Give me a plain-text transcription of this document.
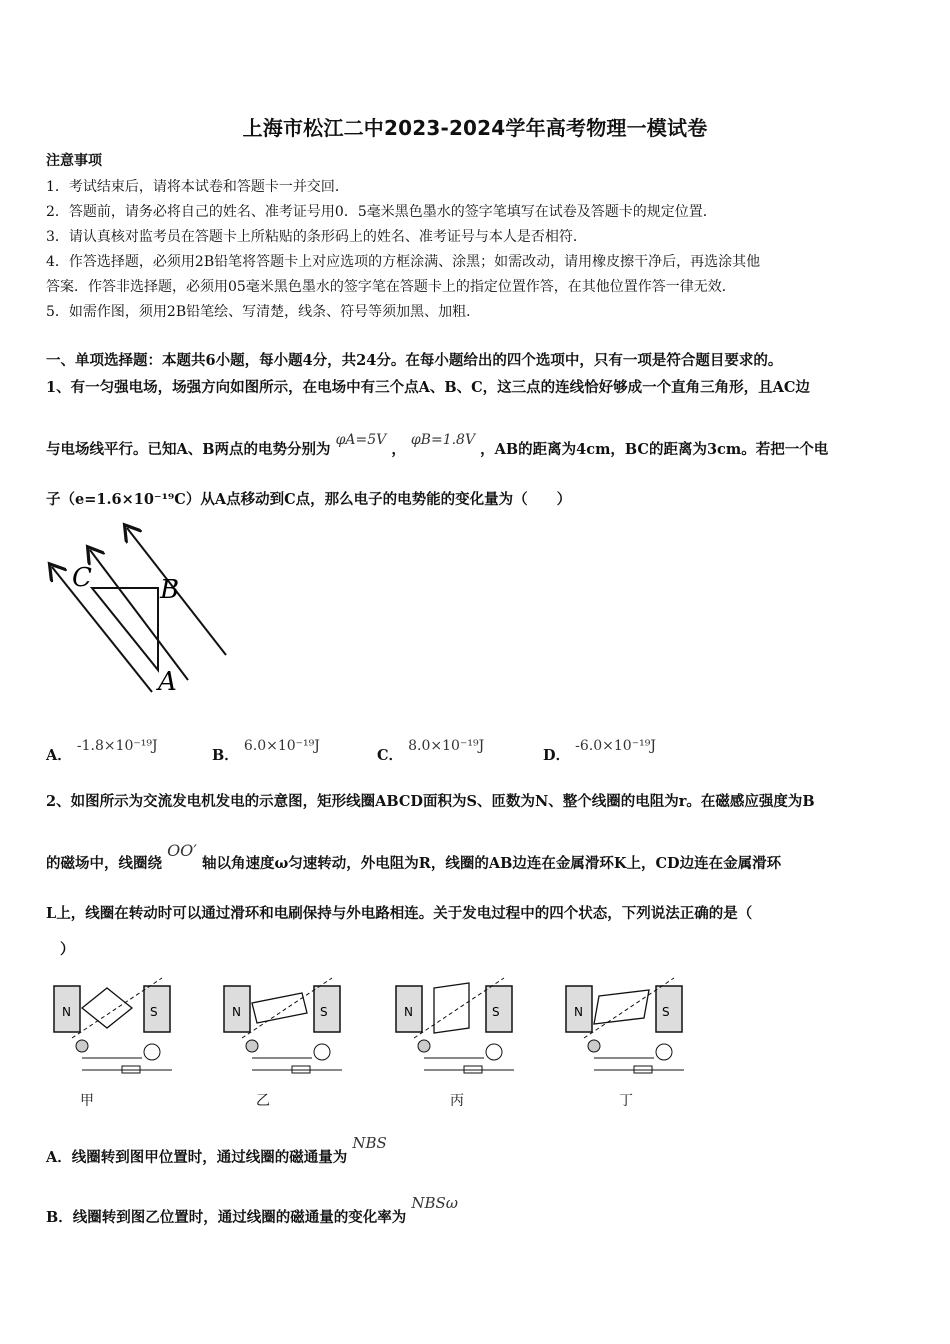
上海市松江二中2023-2024学年高考物理一模试卷
注意事项
1．考试结束后，请将本试卷和答题卡一并交回．
2．答题前，请务必将自己的姓名、准考证号用0．5毫米黑色墨水的签字笔填写在试卷及答题卡的规定位置．
3．请认真核对监考员在答题卡上所粘贴的条形码上的姓名、准考证号与本人是否相符．
4．作答选择题，必须用2B铅笔将答题卡上对应选项的方框涂满、涂黑；如需改动，请用橡皮擦干净后，再选涂其他
答案．作答非选择题，必须用05毫米黑色墨水的签字笔在答题卡上的指定位置作答，在其他位置作答一律无效．
5．如需作图，须用2B铅笔绘、写清楚，线条、符号等须加黑、加粗．
一、单项选择题：本题共6小题，每小题4分，共24分。在每小题给出的四个选项中，只有一项是符合题目要求的。
1、有一匀强电场，场强方向如图所示，在电场中有三个点A、B、C，这三点的连线恰好够成一个直角三角形，且AC边
与电场线平行。已知A、B两点的电势分别为 φA=5V ， φB=1.8V ，AB的距离为4cm，BC的距离为3cm。若把一个电
子（e=1.6×10⁻¹⁹C）从A点移动到C点，那么电子的电势能的变化量为（　　）
C	B
A
A． -1.8×10⁻¹⁹J
B． 6.0×10⁻¹⁹J
C． 8.0×10⁻¹⁹J
D． -6.0×10⁻¹⁹J
2、如图所示为交流发电机发电的示意图，矩形线圈ABCD面积为S、匝数为N、整个线圈的电阻为r。在磁感应强度为B
的磁场中，线圈绕 OO′ 轴以角速度ω匀速转动，外电阻为R，线圈的AB边连在金属滑环K上，CD边连在金属滑环
L上，线圈在转动时可以通过滑环和电刷保持与外电路相连。关于发电过程中的四个状态，下列说法正确的是（
）
N	S	N	S	N	S	N	S
甲	乙	丙	丁
A．线圈转到图甲位置时，通过线圈的磁通量为 NBS
B．线圈转到图乙位置时，通过线圈的磁通量的变化率为 NBSω
